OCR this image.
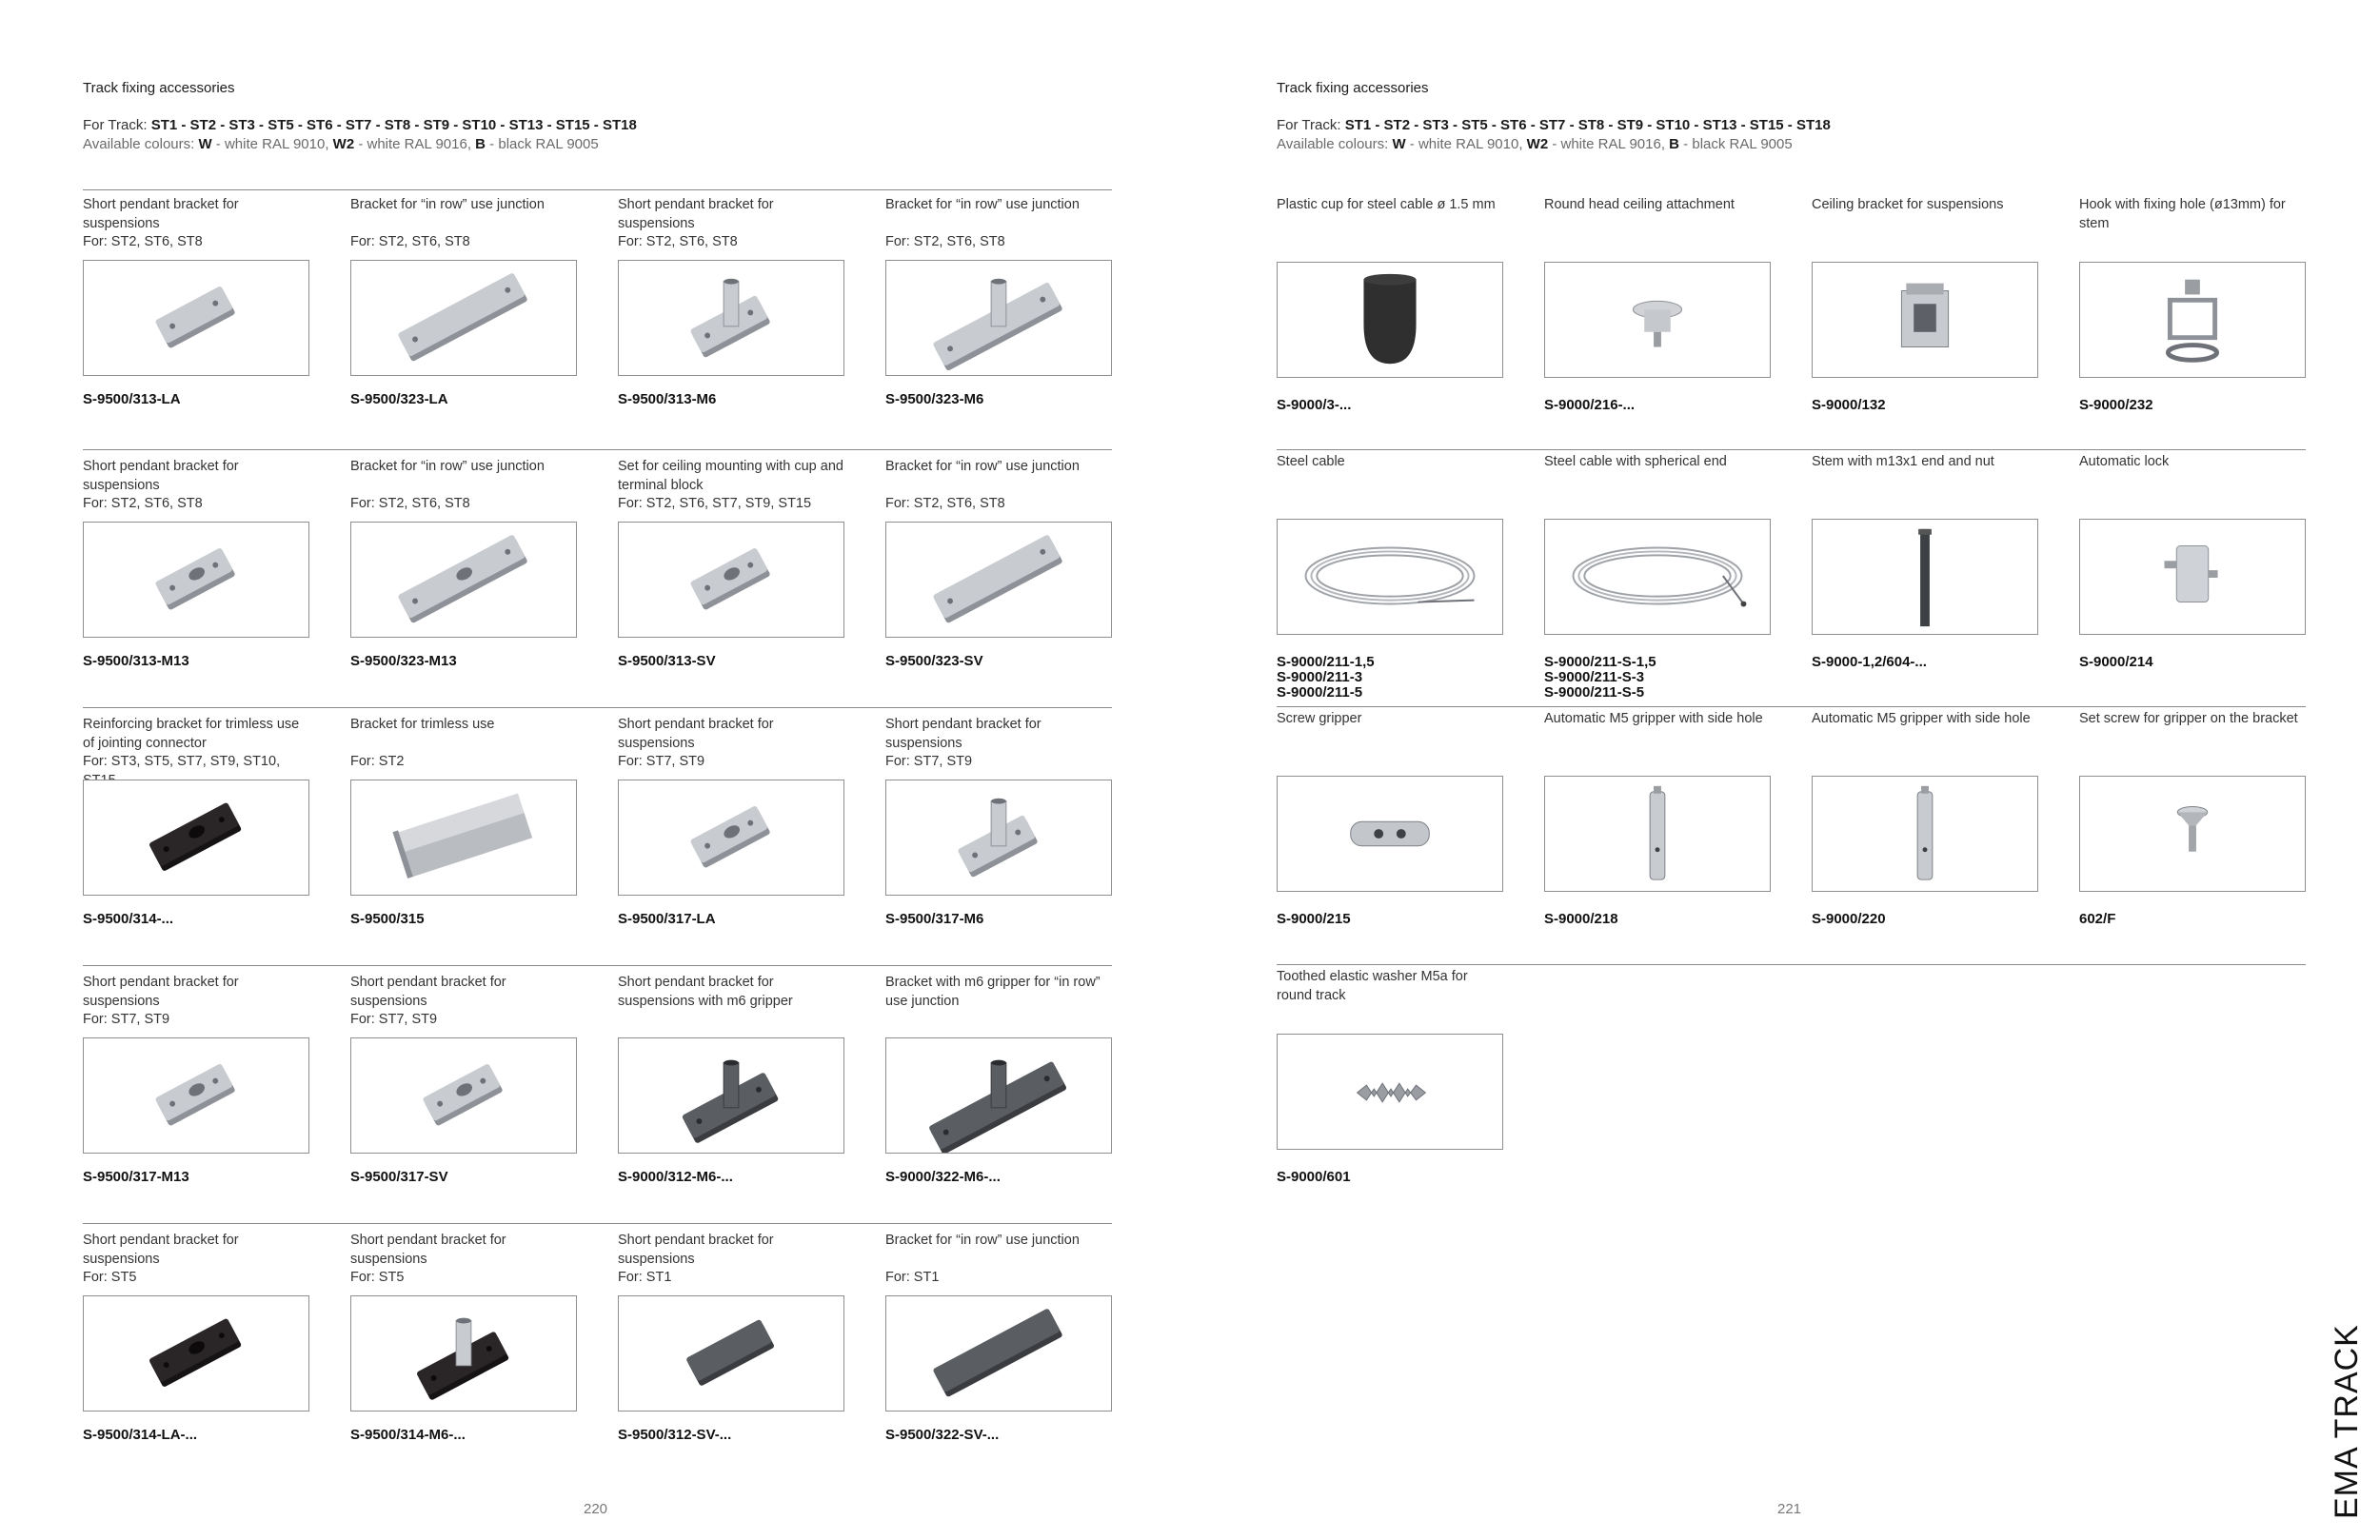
Track fixing accessories
For Track: ST1 - ST2 - ST3 - ST5 - ST6 - ST7 - ST8 - ST9 - ST10 - ST13 - ST15 - ST18
Available colours: W - white RAL 9010, W2 - white RAL 9016, B - black RAL 9005
Short pendant bracket for suspensions
For: ST2, ST6, ST8
S-9500/313-LA
Bracket for “in row” use junction

For: ST2, ST6, ST8
S-9500/323-LA
Short pendant bracket for suspensions
For: ST2, ST6, ST8
S-9500/313-M6
Bracket for “in row” use junction

For: ST2, ST6, ST8
S-9500/323-M6
Short pendant bracket for suspensions
For: ST2, ST6, ST8
S-9500/313-M13
Bracket for “in row” use junction

For: ST2, ST6, ST8
S-9500/323-M13
Set for ceiling mounting with cup and terminal block
For: ST2, ST6, ST7, ST9, ST15
S-9500/313-SV
Bracket for “in row” use junction

For: ST2, ST6, ST8
S-9500/323-SV
Reinforcing bracket for trimless use of jointing connector
For: ST3, ST5, ST7, ST9, ST10,
S-9500/314-...
Bracket for trimless use

For: ST2
S-9500/315
Short pendant bracket for suspensions
For: ST7, ST9
S-9500/317-LA
Short pendant bracket for suspensions
For: ST7, ST9
S-9500/317-M6
Short pendant bracket for suspensions
For: ST7, ST9
S-9500/317-M13
Short pendant bracket for suspensions
For: ST7, ST9
S-9500/317-SV
Short pendant bracket for suspensions with m6 gripper
S-9000/312-M6-...
Bracket with m6 gripper for “in row” use junction
S-9000/322-M6-...
Short pendant bracket for suspensions
For: ST5
S-9500/314-LA-...
Short pendant bracket for suspensions
For: ST5
S-9500/314-M6-...
Short pendant bracket for suspensions
For: ST1
S-9500/312-SV-...
Bracket for “in row” use junction

For: ST1
S-9500/322-SV-...
220
Track fixing accessories
For Track: ST1 - ST2 - ST3 - ST5 - ST6 - ST7 - ST8 - ST9 - ST10 - ST13 - ST15 - ST18
Available colours: W - white RAL 9010, W2 - white RAL 9016, B - black RAL 9005
Plastic cup for steel cable ø 1.5 mm
S-9000/3-...
Round head ceiling attachment
S-9000/216-...
Ceiling bracket for suspensions
S-9000/132
Hook with fixing hole (ø13mm) for stem
S-9000/232
Steel cable
S-9000/211-1,5
S-9000/211-3
S-9000/211-5
Steel cable with spherical end
S-9000/211-S-1,5
S-9000/211-S-3
S-9000/211-S-5
Stem with m13x1 end and nut
S-9000-1,2/604-...
Automatic lock
S-9000/214
Screw gripper
S-9000/215
Automatic M5 gripper with side hole
S-9000/218
Automatic M5 gripper with side hole
S-9000/220
Set screw for gripper on the bracket
602/F
Toothed elastic washer M5a for round track
S-9000/601
221	EMA TRACK
